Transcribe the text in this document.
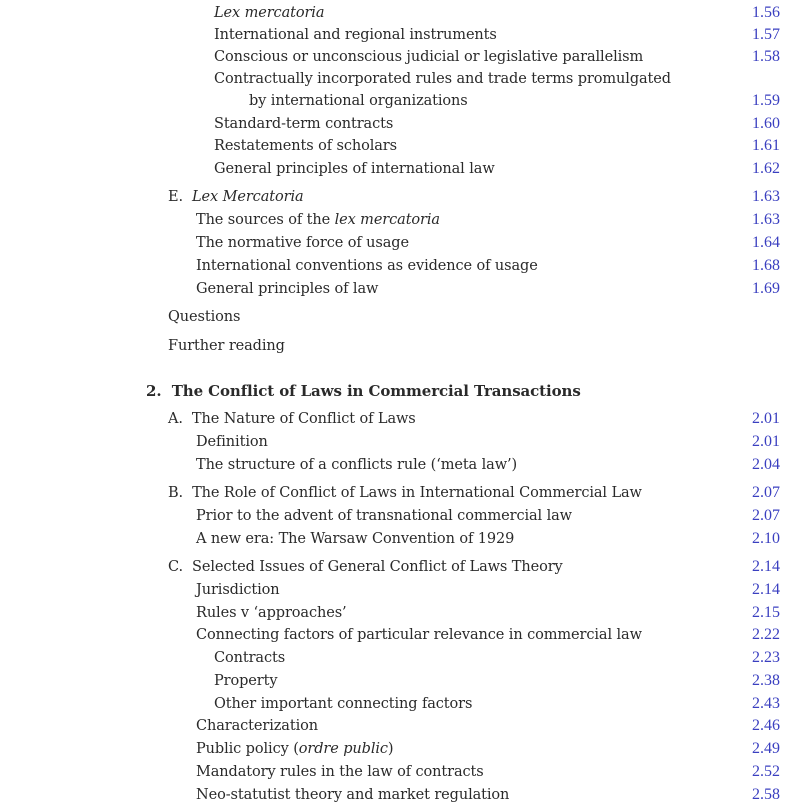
Lex mercatoria	1.56
International and regional instruments	1.57
Conscious or unconscious judicial or legislative parallelism	1.58
Contractually incorporated rules and trade terms promulgated
by international organizations	1.59
Standard-term contracts	1.60
Restatements of scholars	1.61
General principles of international law	1.62
E. Lex Mercatoria	1.63
The sources of the lex mercatoria	1.63
The normative force of usage	1.64
International conventions as evidence of usage	1.68
General principles of law	1.69
Questions
Further reading
2. The Conflict of Laws in Commercial Transactions
A. The Nature of Conflict of Laws	2.01
Definition	2.01
The structure of a conflicts rule (‘meta law’)	2.04
B. The Role of Conflict of Laws in International Commercial Law	2.07
Prior to the advent of transnational commercial law	2.07
A new era: The Warsaw Convention of 1929	2.10
C. Selected Issues of General Conflict of Laws Theory	2.14
Jurisdiction	2.14
Rules v ‘approaches’	2.15
Connecting factors of particular relevance in commercial law	2.22
Contracts	2.23
Property	2.38
Other important connecting factors	2.43
Characterization	2.46
Public policy (ordre public)	2.49
Mandatory rules in the law of contracts	2.52
Neo-statutist theory and market regulation	2.58
